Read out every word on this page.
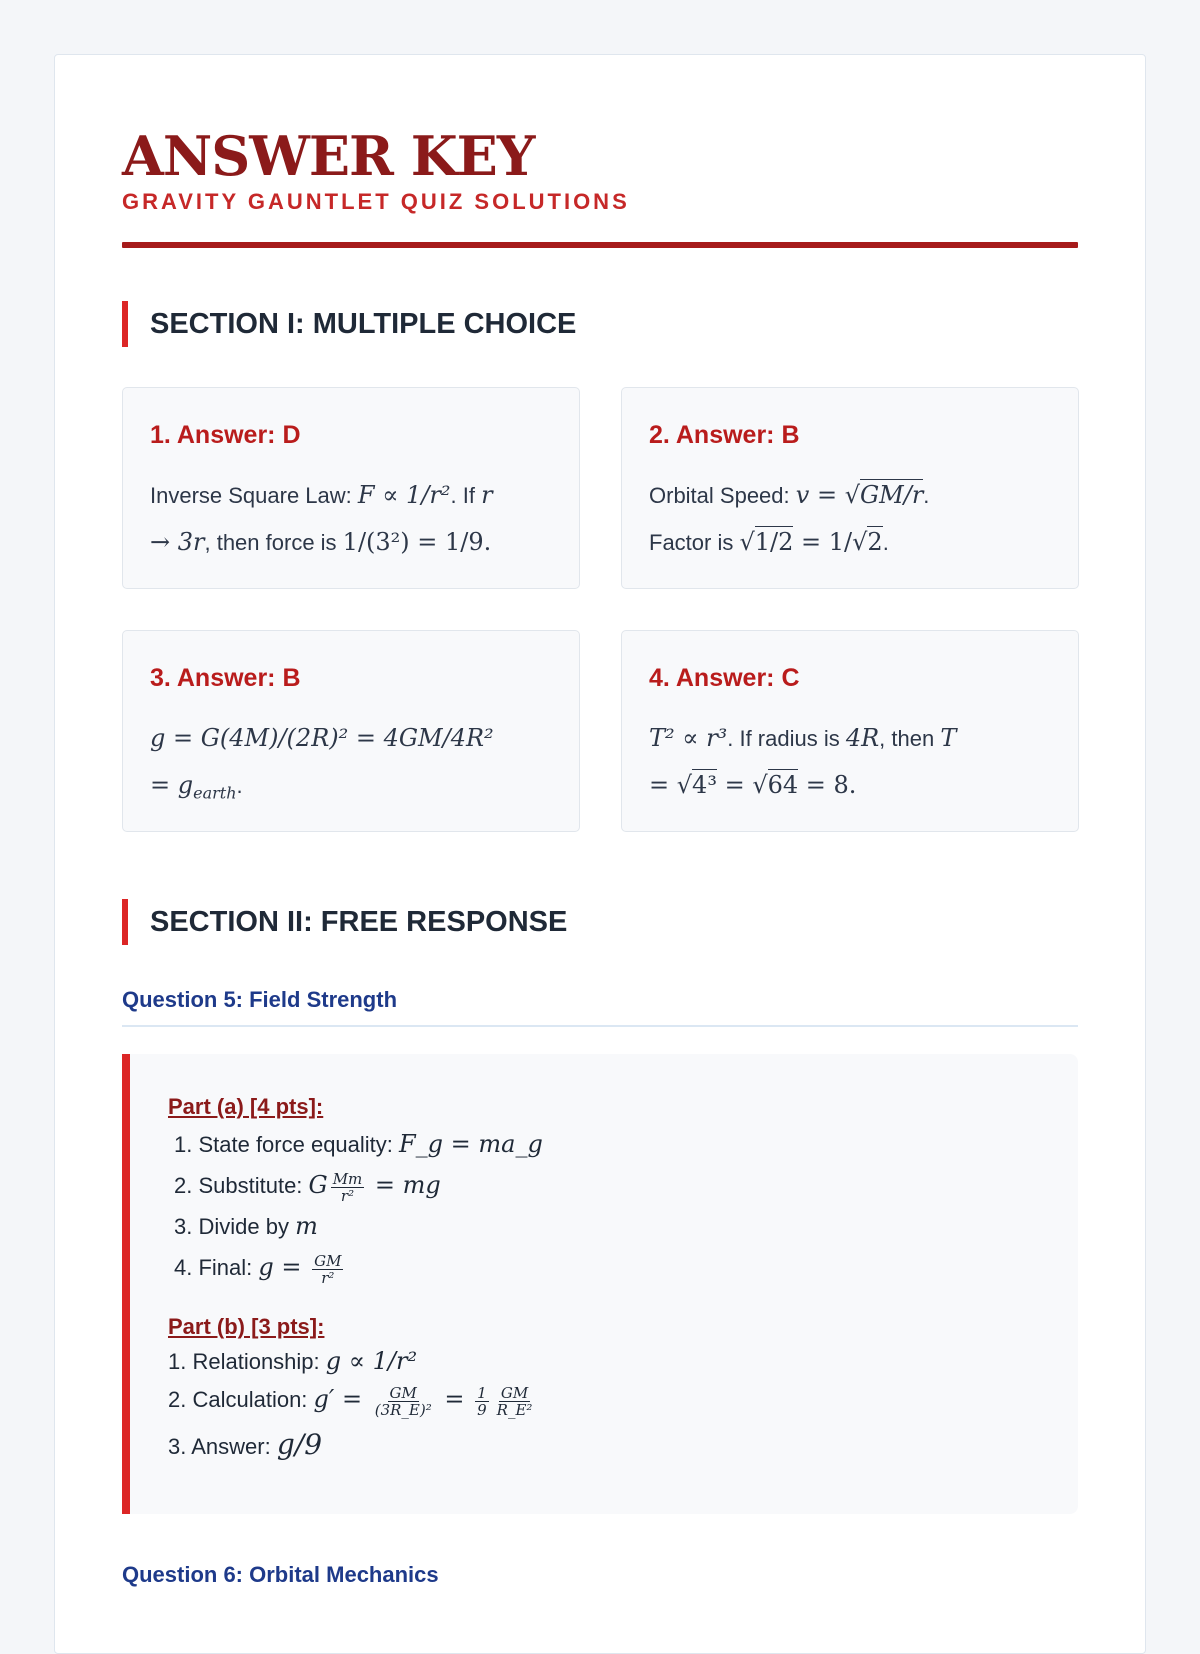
ANSWER KEY
GRAVITY GAUNTLET QUIZ SOLUTIONS
SECTION I: MULTIPLE CHOICE
1. Answer: D
Inverse Square Law: F ∝ 1/r². If r
→ 3r, then force is 1/(3²) = 1/9.
2. Answer: B
Orbital Speed: v = √GM/r.
Factor is √1/2 = 1/√2.
3. Answer: B
g = G(4M)/(2R)² = 4GM/4R²
= $g_{earth}$.
4. Answer: C
T² ∝ r³. If radius is 4R, then T
= √4³ = √64 = 8.
SECTION II: FREE RESPONSE
Question 5: Field Strength
Part (a) [4 pts]:
1. State force equality: F_g = ma_g
2. Substitute: G $\frac{Mm}{\text{r²}}$ = mg
3. Divide by m
4. Final: $g = \frac{GM}{\text{r²}}$
Part (b) [3 pts]:
1. Relationship: g ∝ 1/r²
2. Calculation: $g' = \frac{GM}{\text{(3R\_E)²}} = \frac{1}{9} \frac{GM}{\text{R\_E²}}$
3. Answer: g/9
Question 6: Orbital Mechanics
